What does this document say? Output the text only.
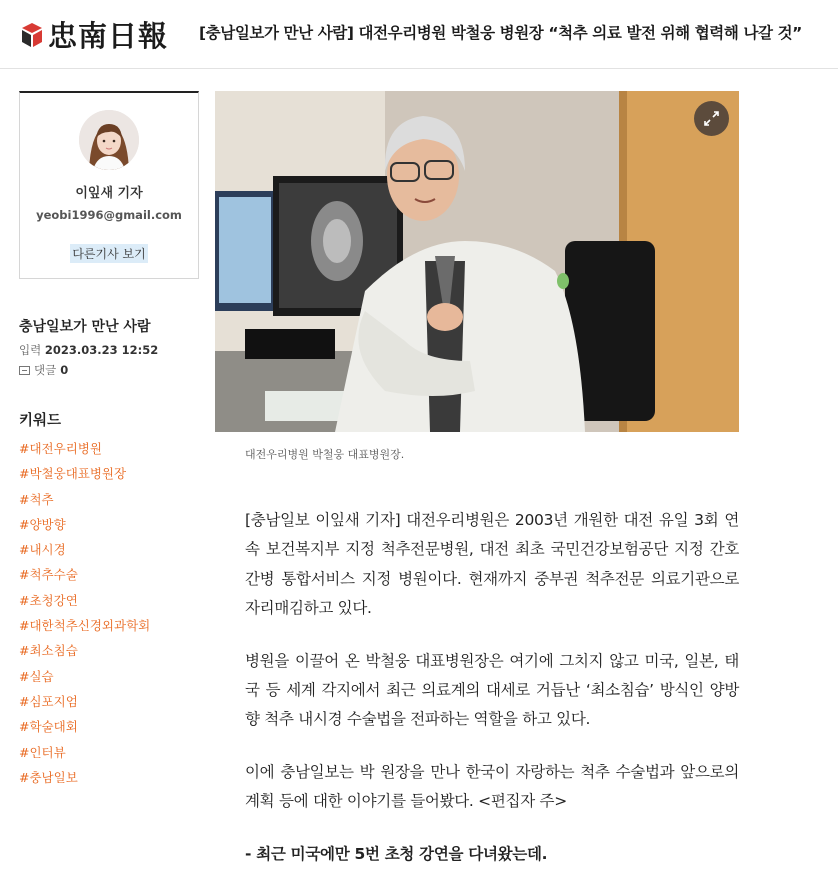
忠南日報 [충남일보가 만난 사람] 대전우리병원 박철웅 병원장 “척추 의료 발전 위해 협력해 나갈 것”
이잎새 기자
yeobi1996@gmail.com
다른기사 보기
충남일보가 만난 사람
입력 2023.03.23 12:52
댓글 0
키워드
#대전우리병원
#박철웅대표병원장
#척추
#양방향
#내시경
#척추수술
#초청강연
#대한척추신경외과학회
#최소침습
#실습
#심포지엄
#학술대회
#인터뷰
#충남일보
대전우리병원 박철웅 대표병원장.

[충남일보 이잎새 기자] 대전우리병원은 2003년 개원한 대전 유일 3회 연속 보건복지부 지정 척추전문병원, 대전 최초 국민건강보험공단 지정 간호간병 통합서비스 지정 병원이다. 현재까지 중부권 척추전문 의료기관으로 자리매김하고 있다.

병원을 이끌어 온 박철웅 대표병원장은 여기에 그치지 않고 미국, 일본, 태국 등 세계 각지에서 최근 의료계의 대세로 거듭난 ‘최소침습’ 방식인 양방향 척추 내시경 수술법을 전파하는 역할을 하고 있다.

이에 충남일보는 박 원장을 만나 한국이 자랑하는 척추 수술법과 앞으로의 계획 등에 대한 이야기를 들어봤다. <편집자 주>

- 최근 미국에만 5번 초청 강연을 다녀왔는데.
